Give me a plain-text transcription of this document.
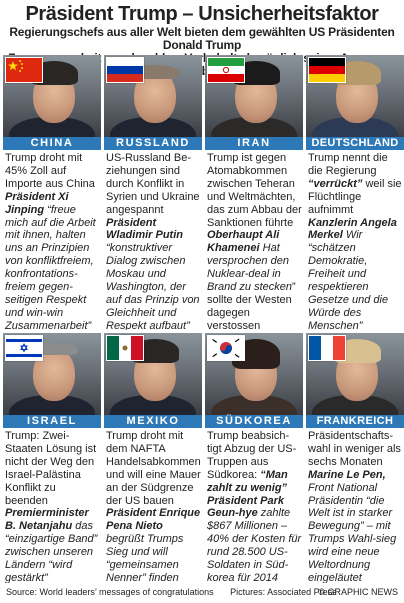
Präsident Trump – Unsicherheitsfaktor
Regierungschefs aus aller Welt bieten dem gewählten US Präsidenten Donald Trump
CHINA
Trump droht mit 45% Zoll auf Importe aus China
Präsident Xi Jinping “freue mich auf die Arbeit mit ihnen, halten uns an Prinzipien von konfliktfreiem, konfrontations-freiem gegen-seitigen Respekt und win-win Zusammenarbeit”
RUSSLAND
US-Russland Be-ziehungen sind durch Konflikt in Syrien und Ukraine angespannt
Präsident Wladimir Putin “konstruktiver Dialog zwischen Moskau und Washington, der auf das Prinzip von Gleichheit und Respekt aufbaut”
IRAN
Trump ist gegen Atomabkommen zwischen Teheran und Weltmächten, das zum Abbau der Sanktionen führte
Oberhaupt Ali Khamenei Hat versprochen den Nuklear-deal in Brand zu stecken” sollte der Westen dagegen verstossen
DEUTSCHLAND
Trump nennt die die Regierung “verrückt” weil sie Flüchtlinge aufnimmt
Kanzlerin Angela Merkel Wir “schätzen Demokratie, Freiheit und respektieren Gesetze und die Würde des Menschen”
ISRAEL
Trump: Zwei-Staaten Lösung ist nicht der Weg den Israel-Palästina Konflikt zu beenden
Premierminister B. Netanjahu das “einzigartige Band” zwischen unseren Ländern “wird gestärkt”
MEXIKO
Trump droht mit dem NAFTA Handelsabkommen und will eine Mauer an der Südgrenze der US bauen
Präsident Enrique Pena Nieto begrüßt Trumps Sieg und will “gemeinsamen Nenner” finden
SÜDKOREA
Trump beabsich-tigt Abzug der US-Truppen aus Südkorea: “Man zahlt zu wenig”
Präsident Park Geun-hye zahlte $867 Millionen – 40% der Kosten für rund 28.500 US-Soldaten in Süd-korea für 2014
FRANKREICH
Präsidentschafts-wahl in weniger als sechs Monaten
Marine Le Pen, Front National Präsidentin “die Welt ist in starker Bewegung” – mit Trumps Wahl-sieg wird eine neue Weltordnung eingeläutet
Source: World leaders’ messages of congratulations Pictures: Associated Press
© GRAPHIC NEWS
